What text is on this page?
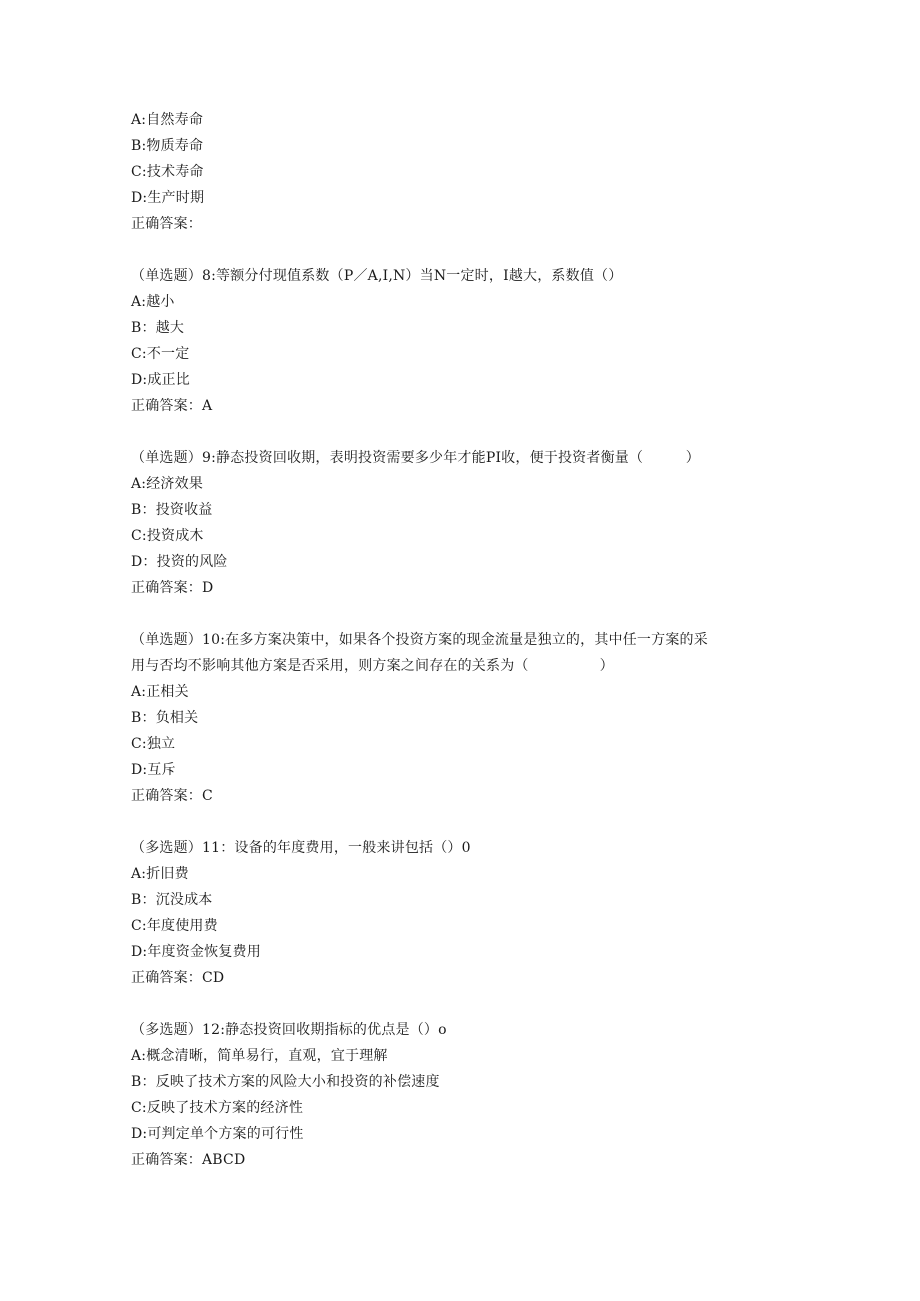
A:自然寿命
B:物质寿命
C:技术寿命
D:生产时期
正确答案：
（单选题）8:等额分付现值系数（P／A,I,N）当N一定时，I越大，系数值（）
A:越小
B：越大
C:不一定
D:成正比
正确答案：A
（单选题）9:静态投资回收期，表明投资需要多少年才能PI收，便于投资者衡量（　　　）
A:经济效果
B：投资收益
C:投资成木
D：投资的风险
正确答案：D
（单选题）10:在多方案决策中，如果各个投资方案的现金流量是独立的，其中任一方案的采
用与否均不影响其他方案是否采用，则方案之间存在的关系为（　　　　　）
A:正相关
B：负相关
C:独立
D:互斥
正确答案：C
（多选题）11：设备的年度费用，一般来讲包括（）0
A:折旧费
B：沉没成本
C:年度使用费
D:年度资金恢复费用
正确答案：CD
（多选题）12:静态投资回收期指标的优点是（）o
A:概念清晰，简单易行，直观，宜于理解
B：反映了技术方案的风险大小和投资的补偿速度
C:反映了技术方案的经济性
D:可判定单个方案的可行性
正确答案：ABCD
